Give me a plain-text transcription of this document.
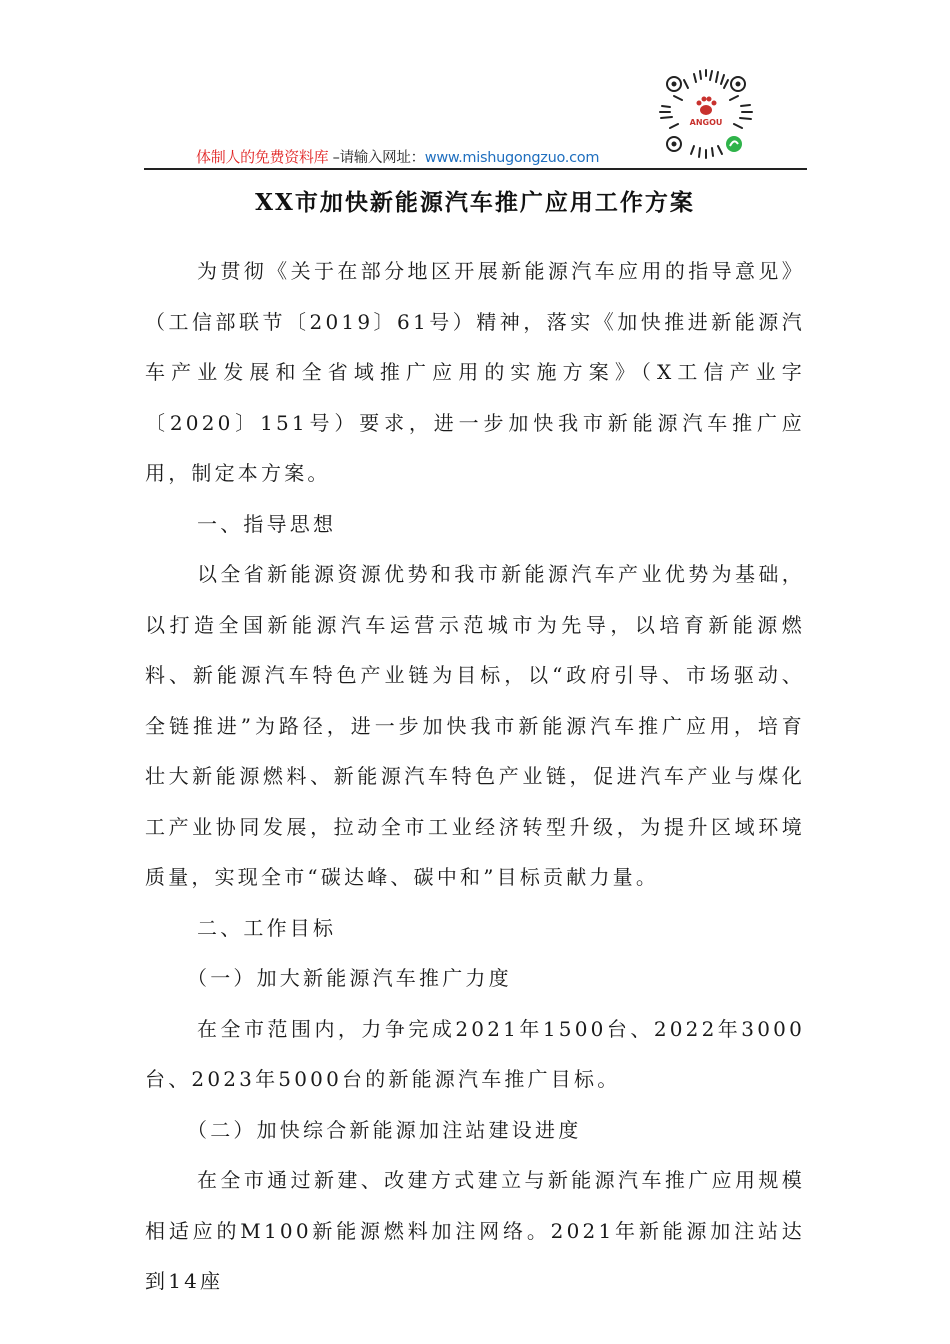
ANGOU
体制人的免费资料库 –请输入网址：www.mishugongzuo.com
XX市加快新能源汽车推广应用工作方案

为贯彻《关于在部分地区开展新能源汽车应用的指导意见》（工信部联节〔2019〕61号）精神，落实《加快推进新能源汽车产业发展和全省域推广应用的实施方案》（X工信产业字〔2020〕151号）要求，进一步加快我市新能源汽车推广应用，制定本方案。

一、指导思想

以全省新能源资源优势和我市新能源汽车产业优势为基础，以打造全国新能源汽车运营示范城市为先导，以培育新能源燃料、新能源汽车特色产业链为目标，以“政府引导、市场驱动、全链推进”为路径，进一步加快我市新能源汽车推广应用，培育壮大新能源燃料、新能源汽车特色产业链，促进汽车产业与煤化工产业协同发展，拉动全市工业经济转型升级，为提升区域环境质量，实现全市“碳达峰、碳中和”目标贡献力量。

二、工作目标

（一）加大新能源汽车推广力度

在全市范围内，力争完成2021年1500台、2022年3000台、2023年5000台的新能源汽车推广目标。

（二）加快综合新能源加注站建设进度

在全市通过新建、改建方式建立与新能源汽车推广应用规模相适应的M100新能源燃料加注网络。2021年新能源加注站达到14座
